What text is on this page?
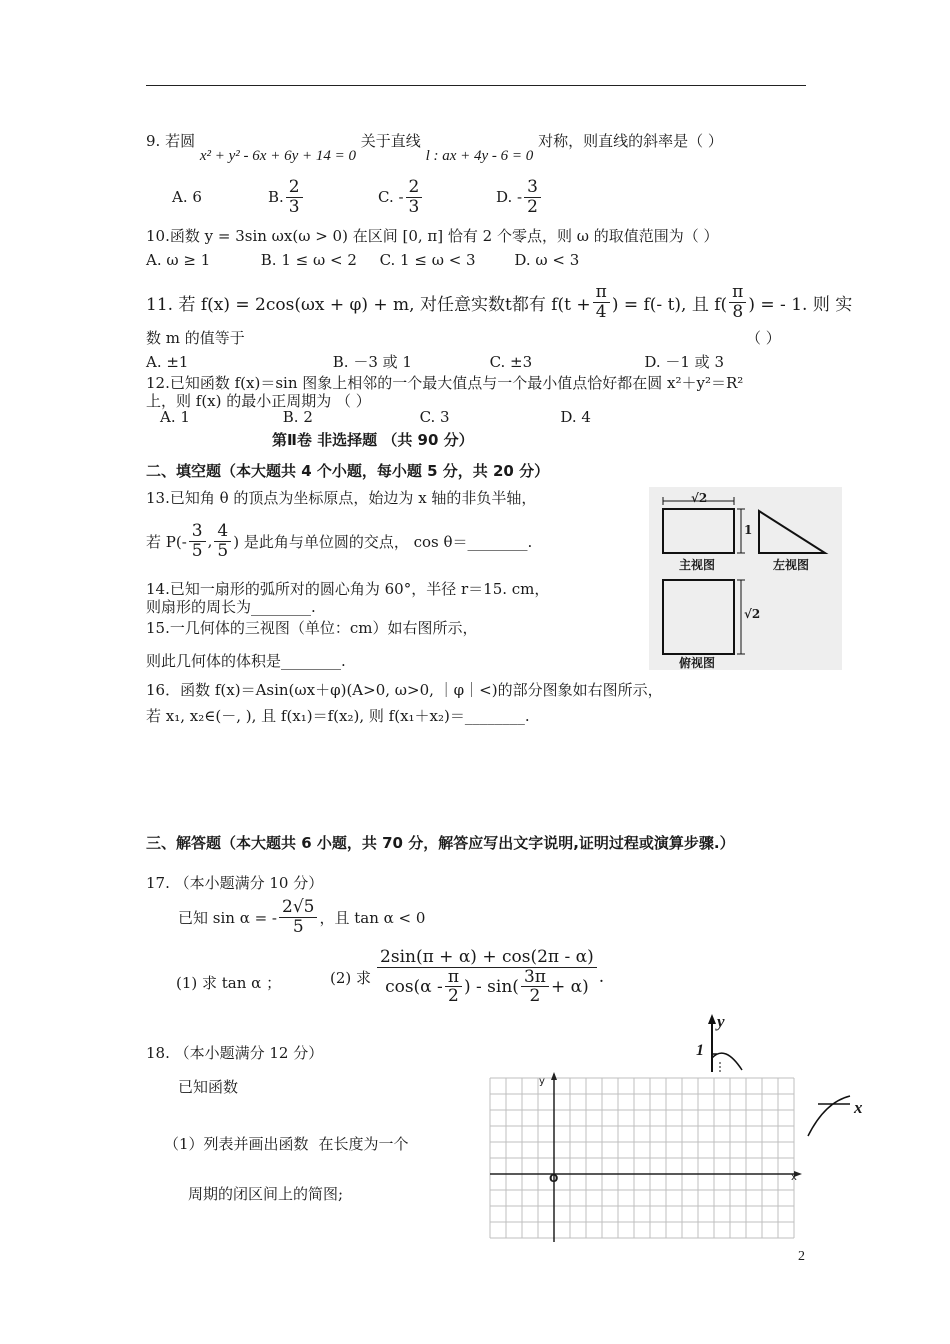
9. 若圆 x² + y² - 6x + 6y + 14 = 0 关于直线 l : ax + 4y - 6 = 0 对称，则直线的斜率是（ ）
A. 6	B. $\frac{2}{3}$	C. - $\frac{2}{3}$	D. - $\frac{3}{2}$
10.函数 y = 3sin ωx(ω > 0) 在区间 [0, π] 恰有 2 个零点，则 ω 的取值范围为（ ）
A. ω ≥ 1	B. 1 ≤ ω < 2 C. 1 ≤ ω < 3	D. ω < 3
11. 若 f(x) = 2cos(ωx + φ) + m, 对任意实数t都有 $f(t + \frac{\pi}{4}$ ) = f(- t), 且 $f( \frac{\pi}{8}$ ) = - 1. 则 实
数 m 的值等于	（ ）
A. ±1	B. －3 或 1	C. ±3	D. －1 或 3
12.已知函数 f(x)＝sin 图象上相邻的一个最大值点与一个最小值点恰好都在圆 x²＋y²＝R²
上，则 f(x) 的最小正周期为 （ ）
A. 1	B. 2	C. 3	D. 4
第Ⅱ卷 非选择题 （共 90 分）
二、填空题（本大题共 4 个小题，每小题 5 分，共 20 分）
13.已知角 θ 的顶点为坐标原点，始边为 x 轴的非负半轴，
若 $P(- \frac{3}{5}$ , $\frac{4}{5}$ ) 是此角与单位圆的交点， cos θ＝________.
14.已知一扇形的弧所对的圆心角为 60°，半径 r＝15. cm，
则扇形的周长为________.
15.一几何体的三视图（单位：cm）如右图所示，
则此几何体的体积是________.
16．函数 f(x)＝Asin(ωx＋φ)(A>0, ω>0, ｜φ｜<)的部分图象如右图所示，
若 x₁, x₂∈(－, ), 且 f(x₁)＝f(x₂), 则 f(x₁＋x₂)＝________.
√2
1
√2
主视图	左视图
俯视图
三、解答题（本大题共 6 小题，共 70 分，解答应写出文字说明,证明过程或演算步骤.）
17. （本小题满分 10 分）
已知 sin α = - $\frac{2√5}{5}$ ，且 tan α < 0
(1) 求 tan α ；	(2) 求 $\frac{2\sin(\pi + \alpha) + \cos(2\pi - \alpha)}{\cos(\alpha - \frac{\pi}{2} ) - \sin( \frac{3\pi}{2} + \alpha)}$ .
18. （本小题满分 12 分）
已知函数
（1）列表并画出函数 在长度为一个
周期的闭区间上的简图;
y
1
x
y
O	x
2
